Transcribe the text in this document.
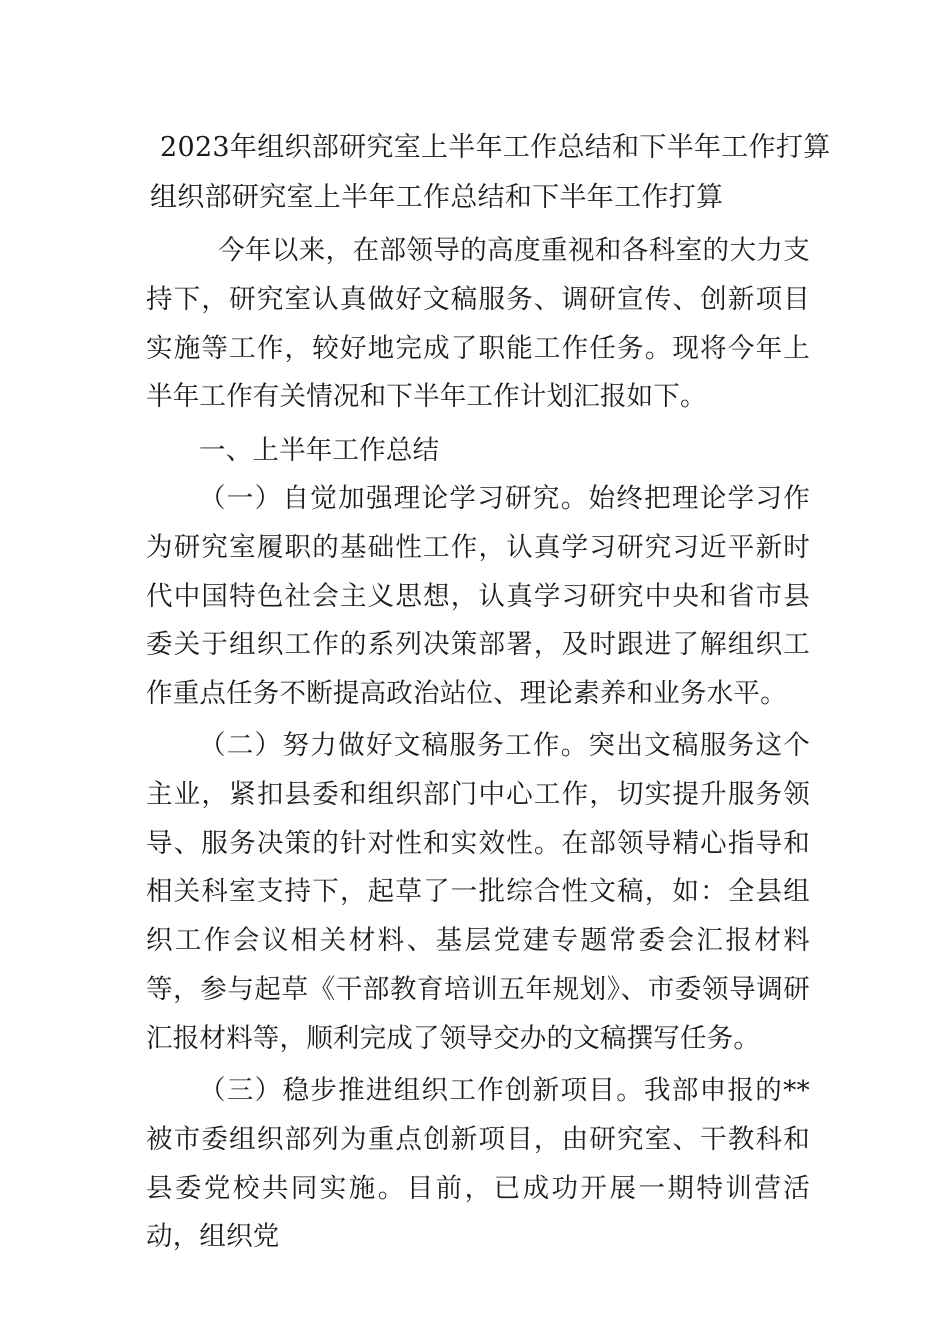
2023年组织部研究室上半年工作总结和下半年工作打算
组织部研究室上半年工作总结和下半年工作打算

今年以来，在部领导的高度重视和各科室的大力支持下，研究室认真做好文稿服务、调研宣传、创新项目实施等工作，较好地完成了职能工作任务。现将今年上半年工作有关情况和下半年工作计划汇报如下。

一、上半年工作总结

（一）自觉加强理论学习研究。始终把理论学习作为研究室履职的基础性工作，认真学习研究习近平新时代中国特色社会主义思想，认真学习研究中央和省市县委关于组织工作的系列决策部署，及时跟进了解组织工作重点任务不断提高政治站位、理论素养和业务水平。

（二）努力做好文稿服务工作。突出文稿服务这个主业，紧扣县委和组织部门中心工作，切实提升服务领导、服务决策的针对性和实效性。在部领导精心指导和相关科室支持下，起草了一批综合性文稿，如：全县组织工作会议相关材料、基层党建专题常委会汇报材料等，参与起草《干部教育培训五年规划》、市委领导调研汇报材料等，顺利完成了领导交办的文稿撰写任务。

（三）稳步推进组织工作创新项目。我部申报的**被市委组织部列为重点创新项目，由研究室、干教科和县委党校共同实施。目前，已成功开展一期特训营活动，组织党
